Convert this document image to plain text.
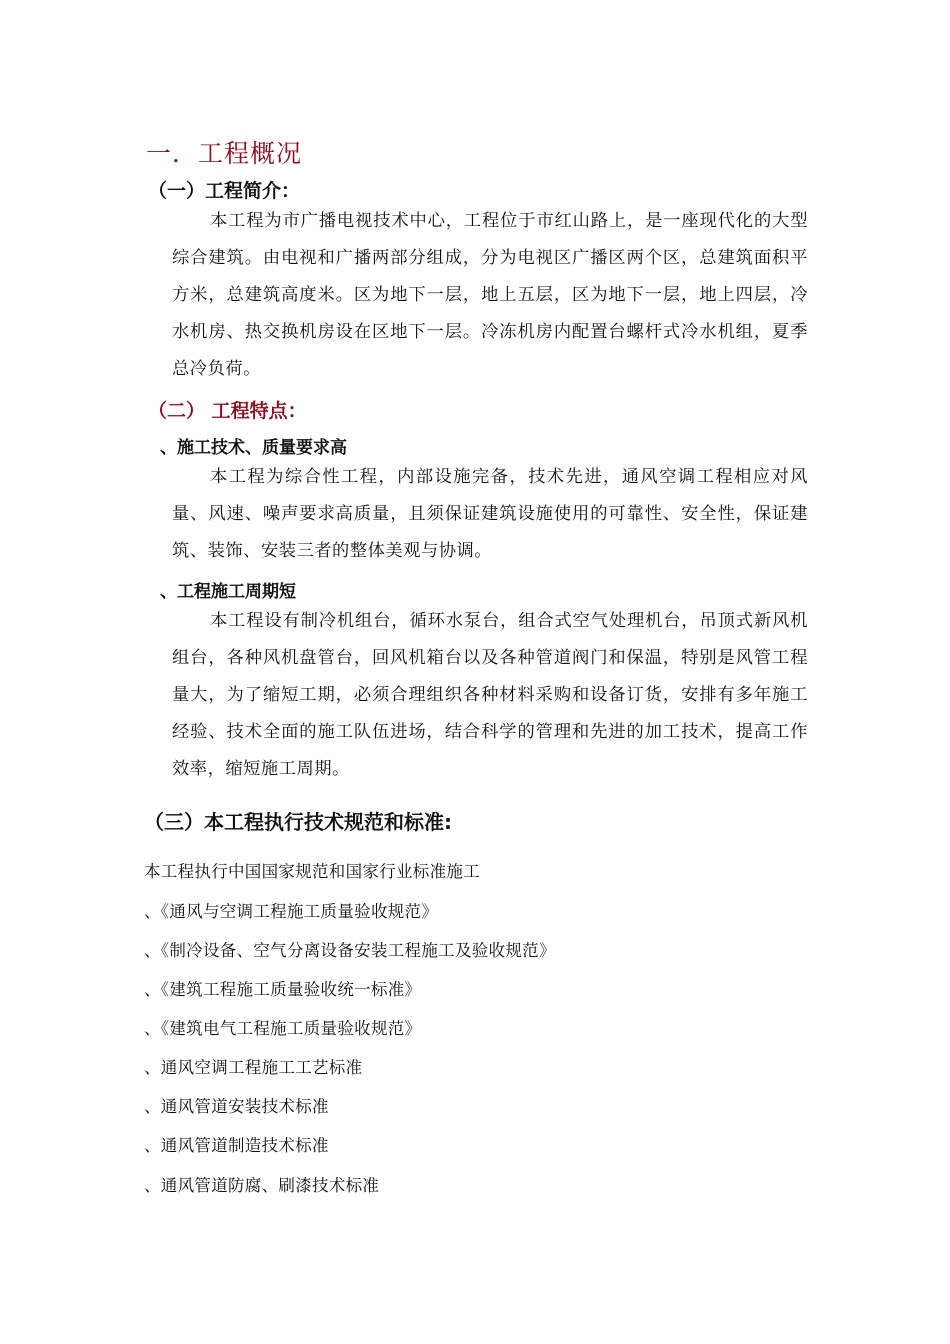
一．工程概况
（一）工程简介：

本工程为市广播电视技术中心，工程位于市红山路上，是一座现代化的大型综合建筑。由电视和广播两部分组成，分为电视区广播区两个区，总建筑面积平方米，总建筑高度米。区为地下一层，地上五层，区为地下一层，地上四层，冷水机房、热交换机房设在区地下一层。冷冻机房内配置台螺杆式冷水机组，夏季总冷负荷。

（二） 工程特点：
、施工技术、质量要求高

本工程为综合性工程，内部设施完备，技术先进，通风空调工程相应对风量、风速、噪声要求高质量，且须保证建筑设施使用的可靠性、安全性，保证建筑、装饰、安装三者的整体美观与协调。

、工程施工周期短

本工程设有制冷机组台，循环水泵台，组合式空气处理机台，吊顶式新风机组台，各种风机盘管台，回风机箱台以及各种管道阀门和保温，特别是风管工程量大，为了缩短工期，必须合理组织各种材料采购和设备订货，安排有多年施工经验、技术全面的施工队伍进场，结合科学的管理和先进的加工技术，提高工作效率，缩短施工周期。

（三）本工程执行技术规范和标准:
本工程执行中国国家规范和国家行业标准施工
、《通风与空调工程施工质量验收规范》
、《制冷设备、空气分离设备安装工程施工及验收规范》
、《建筑工程施工质量验收统一标准》
、《建筑电气工程施工质量验收规范》
、通风空调工程施工工艺标准
、通风管道安装技术标准
、通风管道制造技术标准
、通风管道防腐、刷漆技术标准
